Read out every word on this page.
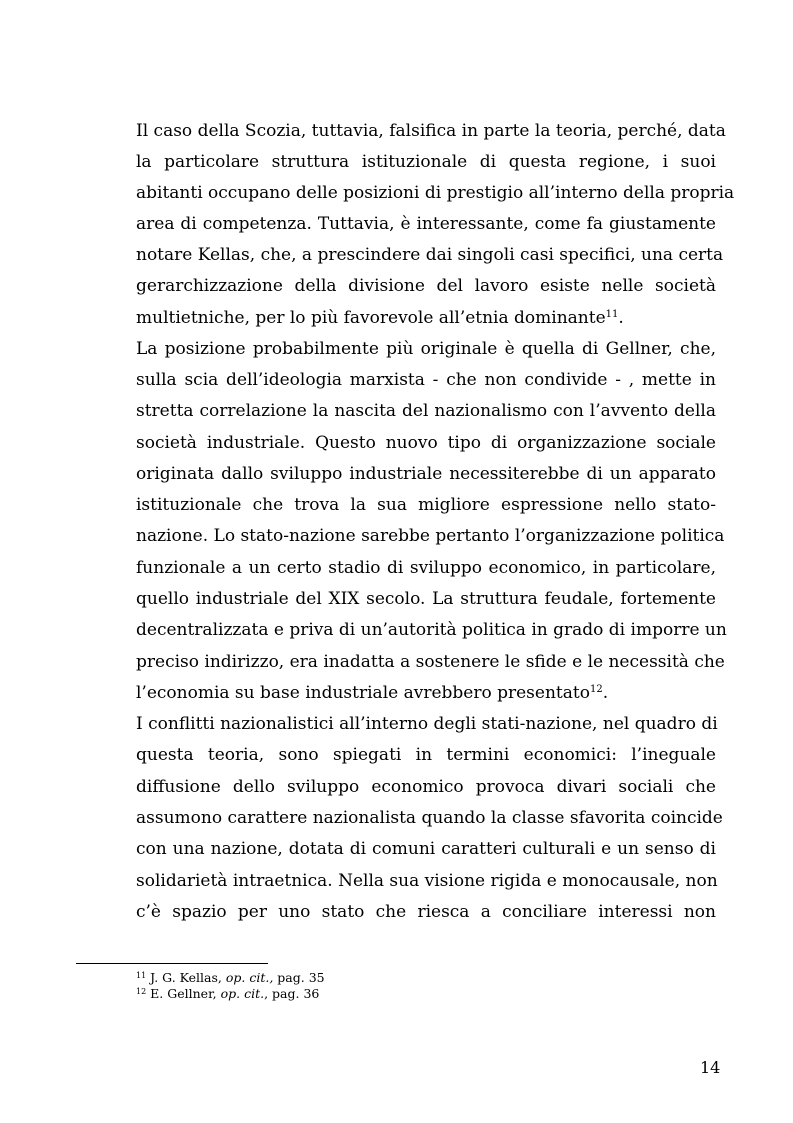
Il caso della Scozia, tuttavia, falsifica in parte la teoria, perché, data
la particolare struttura istituzionale di questa regione, i suoi
abitanti occupano delle posizioni di prestigio all’interno della propria
area di competenza. Tuttavia, è interessante, come fa giustamente
notare Kellas, che, a prescindere dai singoli casi specifici, una certa
gerarchizzazione della divisione del lavoro esiste nelle società
multietniche, per lo più favorevole all’etnia dominante$^{11}$.
La posizione probabilmente più originale è quella di Gellner, che,
sulla scia dell’ideologia marxista - che non condivide - , mette in
stretta correlazione la nascita del nazionalismo con l’avvento della
società industriale. Questo nuovo tipo di organizzazione sociale
originata dallo sviluppo industriale necessiterebbe di un apparato
istituzionale che trova la sua migliore espressione nello stato-
nazione. Lo stato-nazione sarebbe pertanto l’organizzazione politica
funzionale a un certo stadio di sviluppo economico, in particolare,
quello industriale del XIX secolo. La struttura feudale, fortemente
decentralizzata e priva di un’autorità politica in grado di imporre un
preciso indirizzo, era inadatta a sostenere le sfide e le necessità che
l’economia su base industriale avrebbero presentato$^{12}$.
I conflitti nazionalistici all’interno degli stati-nazione, nel quadro di
questa teoria, sono spiegati in termini economici: l’ineguale
diffusione dello sviluppo economico provoca divari sociali che
assumono carattere nazionalista quando la classe sfavorita coincide
con una nazione, dotata di comuni caratteri culturali e un senso di
solidarietà intraetnica. Nella sua visione rigida e monocausale, non
c’è spazio per uno stato che riesca a conciliare interessi non
$^{11}$ J. G. Kellas, op. cit., pag. 35
$^{12}$ E. Gellner, op. cit., pag. 36
14
